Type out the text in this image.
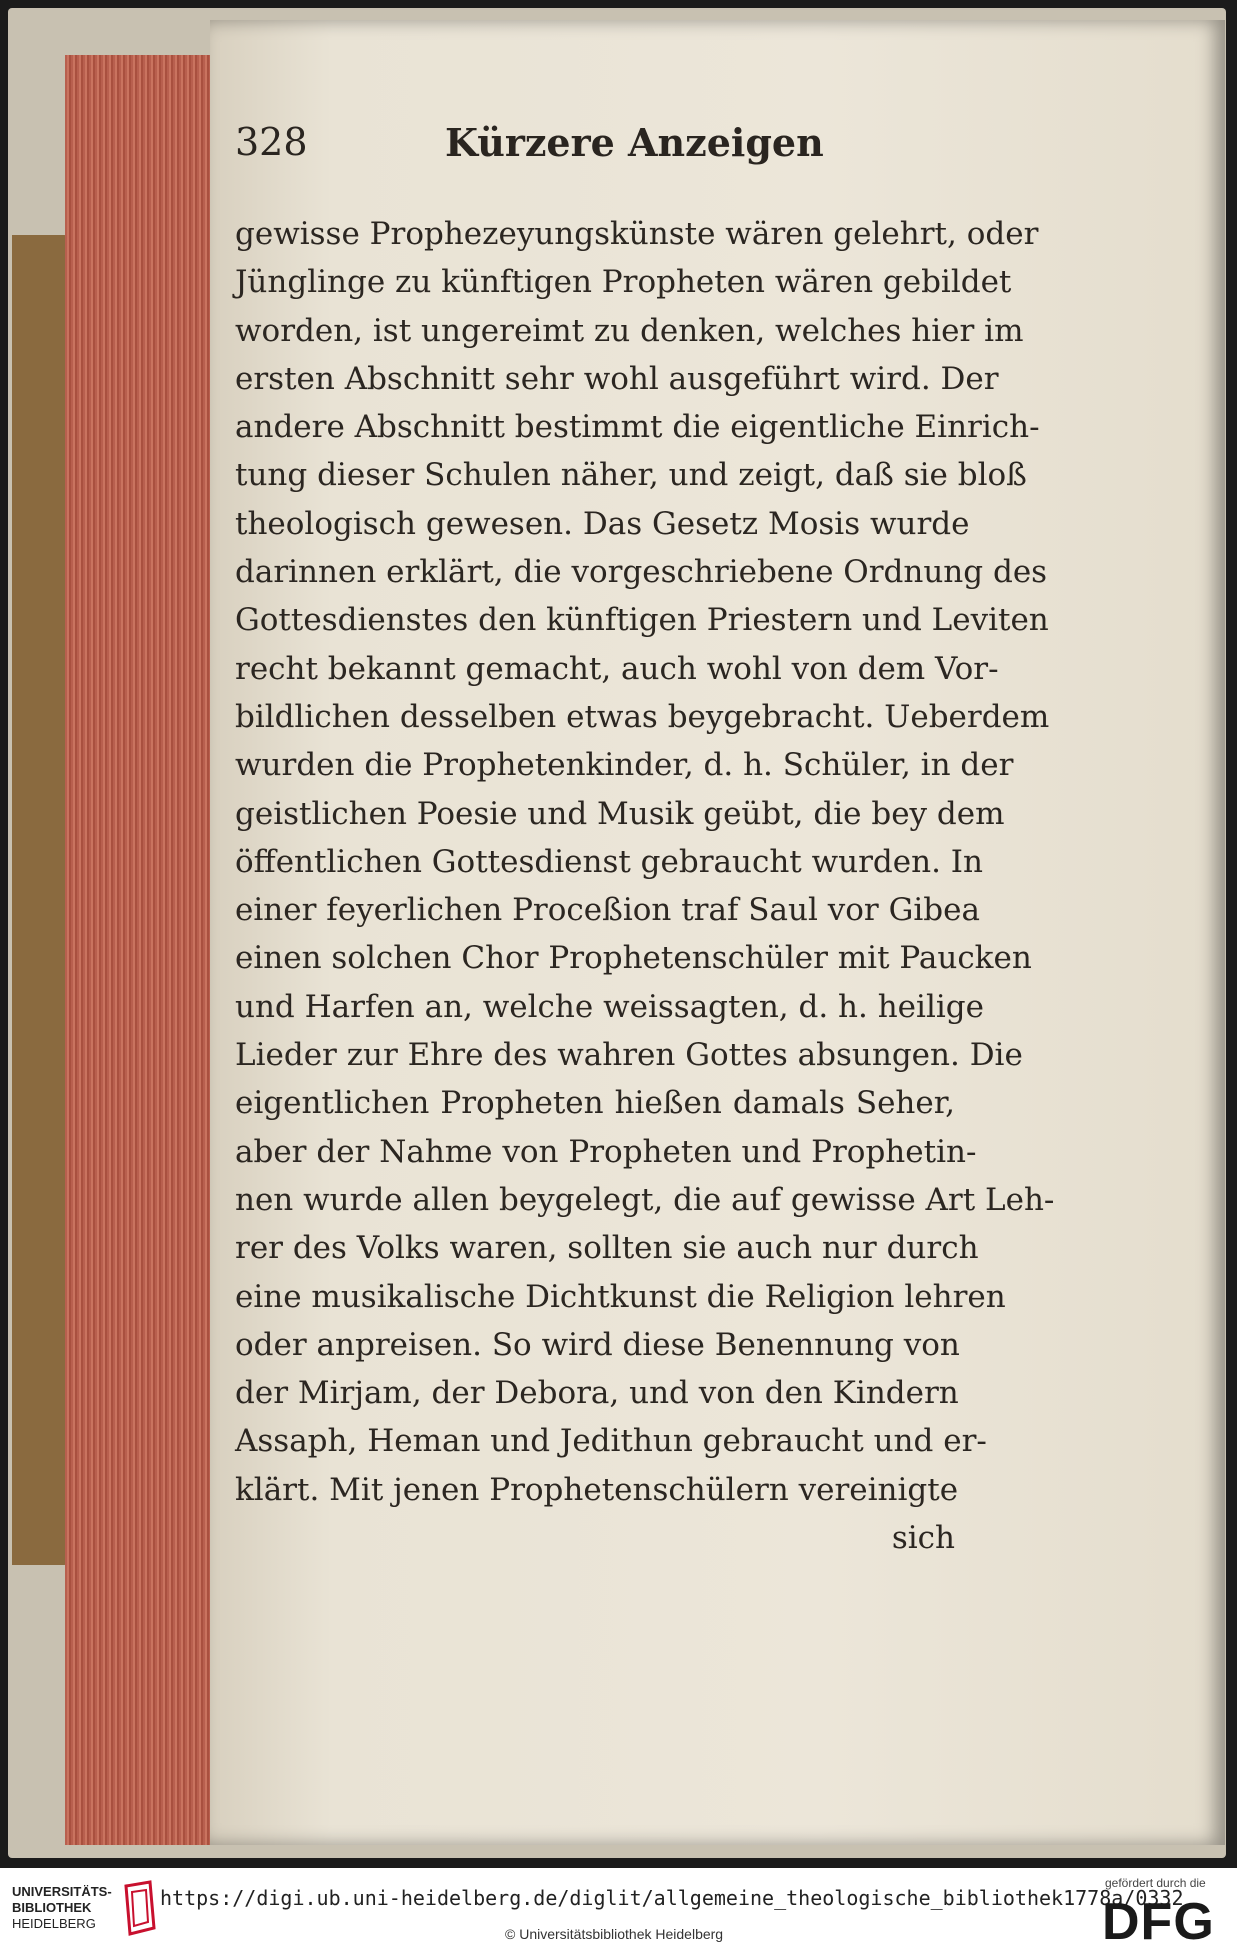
328	Kürzere Anzeigen
gewisse Prophezeyungskünste wären gelehrt, oder
Jünglinge zu künftigen Propheten wären gebildet
worden, ist ungereimt zu denken, welches hier im
ersten Abschnitt sehr wohl ausgeführt wird. Der
andere Abschnitt bestimmt die eigentliche Einrich-
tung dieser Schulen näher, und zeigt, daß sie bloß
theologisch gewesen. Das Gesetz Mosis wurde
darinnen erklärt, die vorgeschriebene Ordnung des
Gottesdienstes den künftigen Priestern und Leviten
recht bekannt gemacht, auch wohl von dem Vor-
bildlichen desselben etwas beygebracht. Ueberdem
wurden die Prophetenkinder, d. h. Schüler, in der
geistlichen Poesie und Musik geübt, die bey dem
öffentlichen Gottesdienst gebraucht wurden. In
einer feyerlichen Proceßion traf Saul vor Gibea
einen solchen Chor Prophetenschüler mit Paucken
und Harfen an, welche weissagten, d. h. heilige
Lieder zur Ehre des wahren Gottes absungen. Die
eigentlichen Propheten hießen damals Seher,
aber der Nahme von Propheten und Prophetin-
nen wurde allen beygelegt, die auf gewisse Art Leh-
rer des Volks waren, sollten sie auch nur durch
eine musikalische Dichtkunst die Religion lehren
oder anpreisen. So wird diese Benennung von
der Mirjam, der Debora, und von den Kindern
Assaph, Heman und Jedithun gebraucht und er-
klärt. Mit jenen Prophetenschülern vereinigte
sich
UNIVERSITÄTS-
BIBLIOTHEK
HEIDELBERG
https://digi.ub.uni-heidelberg.de/diglit/allgemeine_theologische_bibliothek1778a/0332
© Universitätsbibliothek Heidelberg
gefördert durch die
DFG
